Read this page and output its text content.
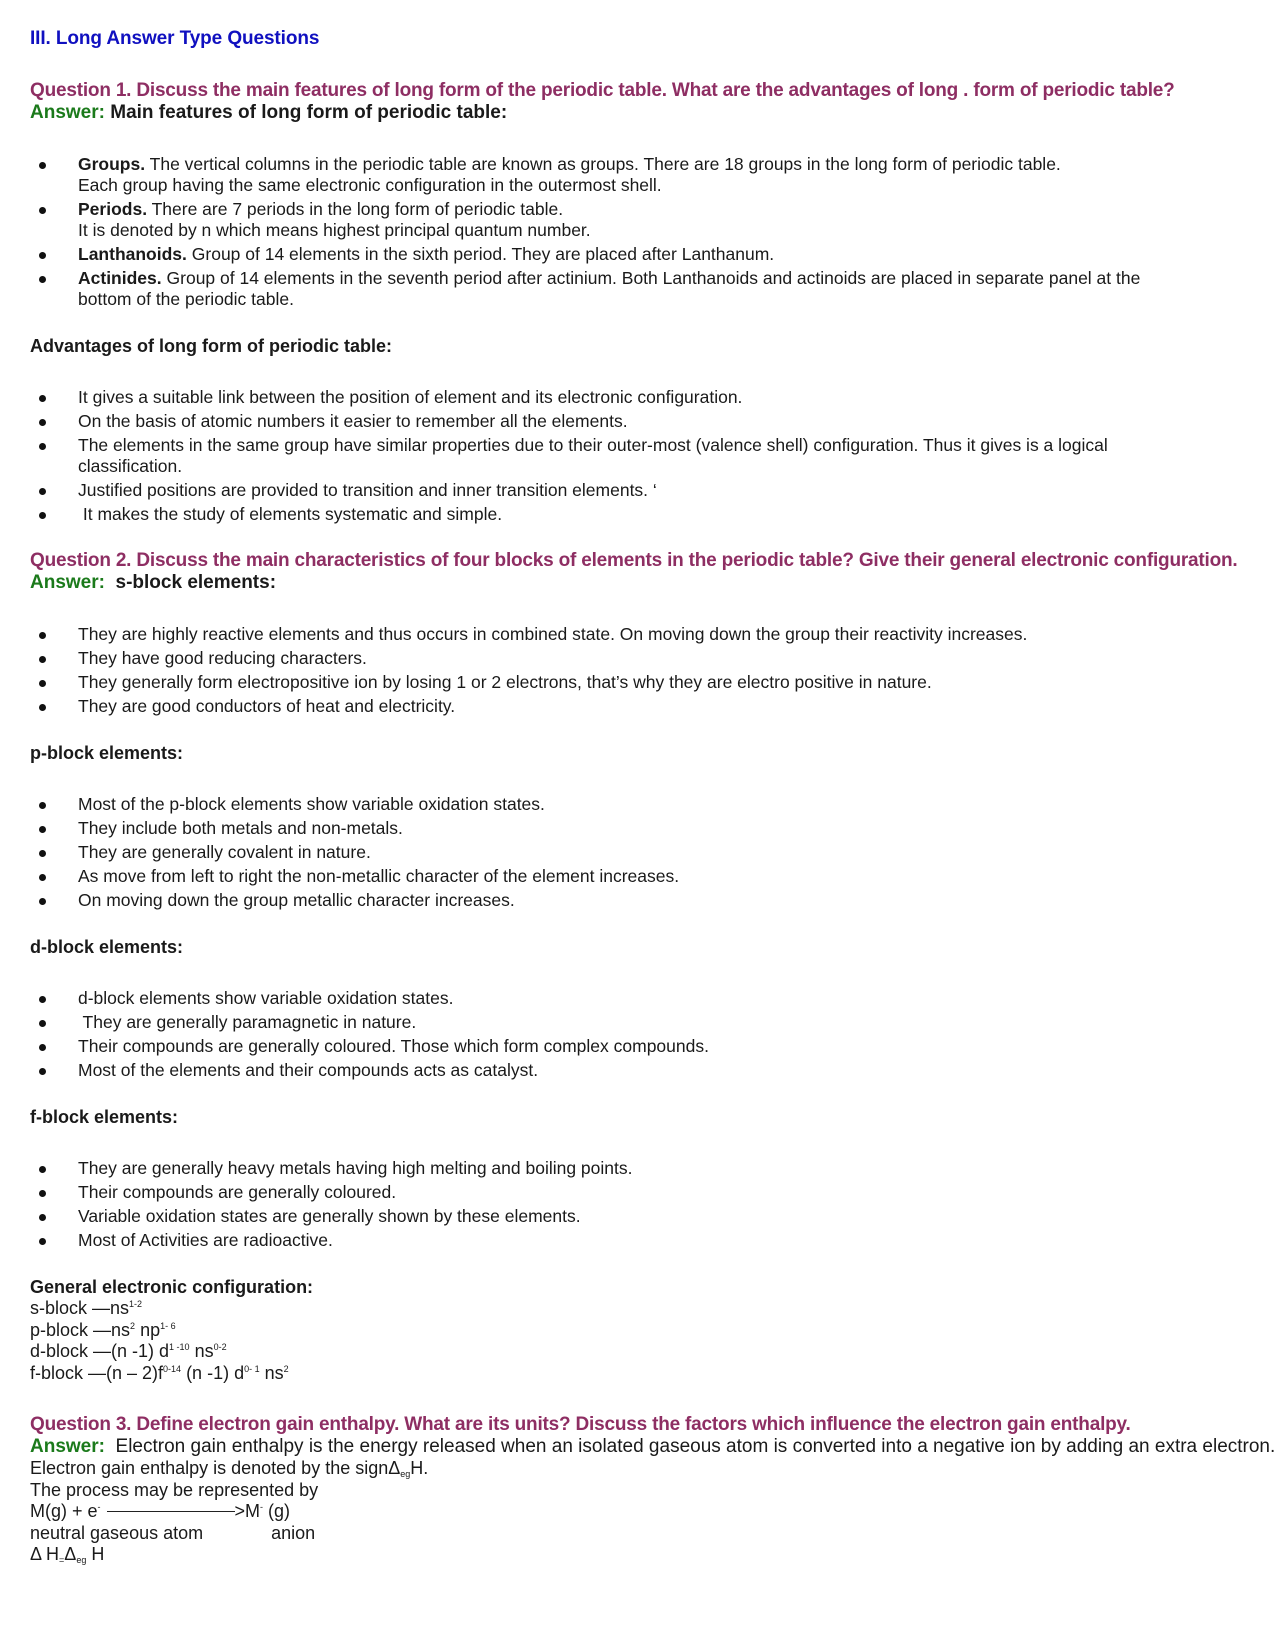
III. Long Answer Type Questions
Question 1. Discuss the main features of long form of the periodic table. What are the advantages of long . form of periodic table?
Answer: Main features of long form of periodic table:
Groups. The vertical columns in the periodic table are known as groups. There are 18 groups in the long form of periodic table.
Each group having the same electronic configuration in the outermost shell.
Periods. There are 7 periods in the long form of periodic table.
It is denoted by n which means highest principal quantum number.
Lanthanoids. Group of 14 elements in the sixth period. They are placed after Lanthanum.
Actinides. Group of 14 elements in the seventh period after actinium. Both Lanthanoids and actinoids are placed in separate panel at the
bottom of the periodic table.
Advantages of long form of periodic table:
It gives a suitable link between the position of element and its electronic configuration.
On the basis of atomic numbers it easier to remember all the elements.
The elements in the same group have similar properties due to their outer-most (valence shell) configuration. Thus it gives is a logical
classification.
Justified positions are provided to transition and inner transition elements. ‘
It makes the study of elements systematic and simple.
Question 2. Discuss the main characteristics of four blocks of elements in the periodic table? Give their general electronic configuration.
Answer: s-block elements:
They are highly reactive elements and thus occurs in combined state. On moving down the group their reactivity increases.
They have good reducing characters.
They generally form electropositive ion by losing 1 or 2 electrons, that’s why they are electro positive in nature.
They are good conductors of heat and electricity.
p-block elements:
Most of the p-block elements show variable oxidation states.
They include both metals and non-metals.
They are generally covalent in nature.
As move from left to right the non-metallic character of the element increases.
On moving down the group metallic character increases.
d-block elements:
d-block elements show variable oxidation states.
They are generally paramagnetic in nature.
Their compounds are generally coloured. Those which form complex compounds.
Most of the elements and their compounds acts as catalyst.
f-block elements:
They are generally heavy metals having high melting and boiling points.
Their compounds are generally coloured.
Variable oxidation states are generally shown by these elements.
Most of Activities are radioactive.
General electronic configuration:
s-block $—ns^{1-2}$
p-block $—ns^2$ $np^{1- 6}$
d-block —(n -1) $d^{1 -10}$ $ns^{0-2}$
f-block —(n – $2)f^{0-14}$ (n -1) $d^{0- 1}$ $ns^2$
Question 3. Define electron gain enthalpy. What are its units? Discuss the factors which influence the electron gain enthalpy.
Answer: Electron gain enthalpy is the energy released when an isolated gaseous atom is converted into a negative ion by adding an extra electron.
Electron gain enthalpy is denoted by the signΔ$_{eg}$H.
The process may be represented by
M(g) + e-	>M- (g)
neutral gaseous atom	anion
Δ $H_=\Delta_{eg}$ H
